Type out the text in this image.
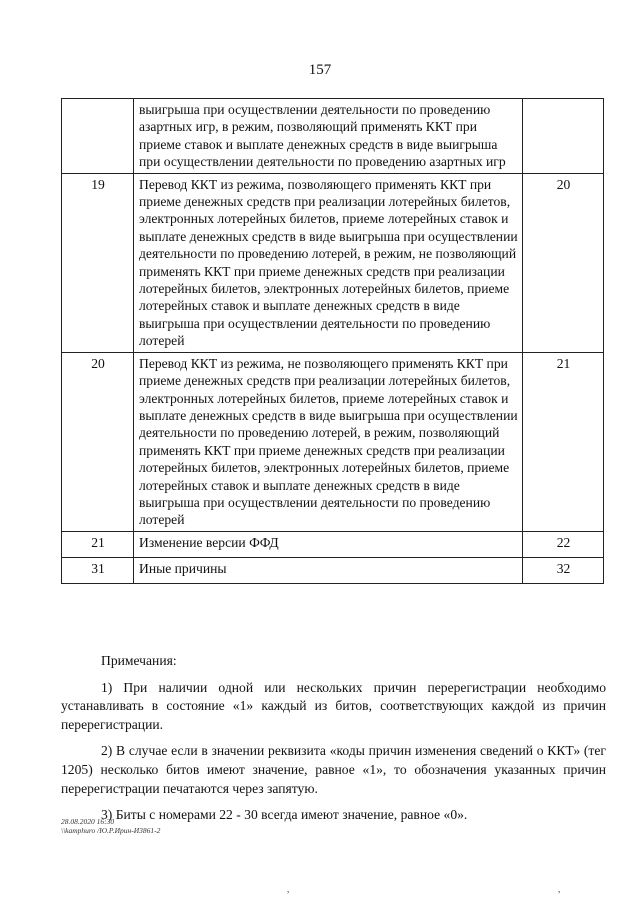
157
	выигрыша при осуществлении деятельности по проведению азартных игр, в режим, позволяющий применять ККТ при приеме ставок и выплате денежных средств в виде выигрыша при осуществлении деятельности по проведению азартных игр	
19	Перевод ККТ из режима, позволяющего применять ККТ при приеме денежных средств при реализации лотерейных билетов, электронных лотерейных билетов, приеме лотерейных ставок и выплате денежных средств в виде выигрыша при осуществлении деятельности по проведению лотерей, в режим, не позволяющий применять ККТ при приеме денежных средств при реализации лотерейных билетов, электронных лотерейных билетов, приеме лотерейных ставок и выплате денежных средств в виде выигрыша при осуществлении деятельности по проведению лотерей	20
20	Перевод ККТ из режима, не позволяющего применять ККТ при приеме денежных средств при реализации лотерейных билетов, электронных лотерейных билетов, приеме лотерейных ставок и выплате денежных средств в виде выигрыша при осуществлении деятельности по проведению лотерей, в режим, позволяющий применять ККТ при приеме денежных средств при реализации лотерейных билетов, электронных лотерейных билетов, приеме лотерейных ставок и выплате денежных средств в виде выигрыша при осуществлении деятельности по проведению лотерей	21
21	Изменение версии ФФД	22
31	Иные причины	32

Примечания:

1) При наличии одной или нескольких причин перерегистрации необходимо устанавливать в состояние «1» каждый из битов, соответствующих каждой из причин перерегистрации.

2) В случае если в значении реквизита «коды причин изменения сведений о ККТ» (тег 1205) несколько битов имеют значение, равное «1», то обозначения указанных причин перерегистрации печатаются через запятую.

3) Биты с номерами 22 - 30 всегда имеют значение, равное «0».

28.08.2020 16:30
\\kamphuro /Ю.Р.Ирин-И3861-2
,	,
